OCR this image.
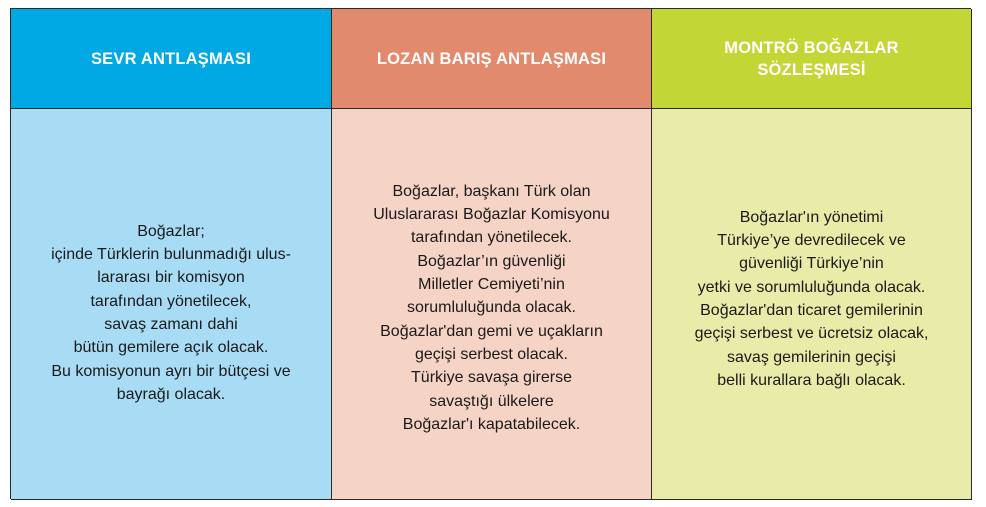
SEVR ANTLAŞMASI	LOZAN BARIŞ ANTLAŞMASI
MONTRÖ BOĞAZLAR SÖZLEŞMESİ
Boğazlar;
içinde Türklerin bulunmadığı ulus-
lararası bir komisyon
tarafından yönetilecek,
savaş zamanı dahi
bütün gemilere açık olacak.
Bu komisyonun ayrı bir bütçesi ve
bayrağı olacak.
Boğazlar, başkanı Türk olan
Uluslararası Boğazlar Komisyonu
tarafından yönetilecek.
Boğazlar’ın güvenliği
Milletler Cemiyeti’nin
sorumluluğunda olacak.
Boğazlar'dan gemi ve uçakların
geçişi serbest olacak.
Türkiye savaşa girerse
savaştığı ülkelere
Boğazlar'ı kapatabilecek.
Boğazlar'ın yönetimi
Türkiye’ye devredilecek ve
güvenliği Türkiye’nin
yetki ve sorumluluğunda olacak.
Boğazlar'dan ticaret gemilerinin
geçişi serbest ve ücretsiz olacak,
savaş gemilerinin geçişi
belli kurallara bağlı olacak.
